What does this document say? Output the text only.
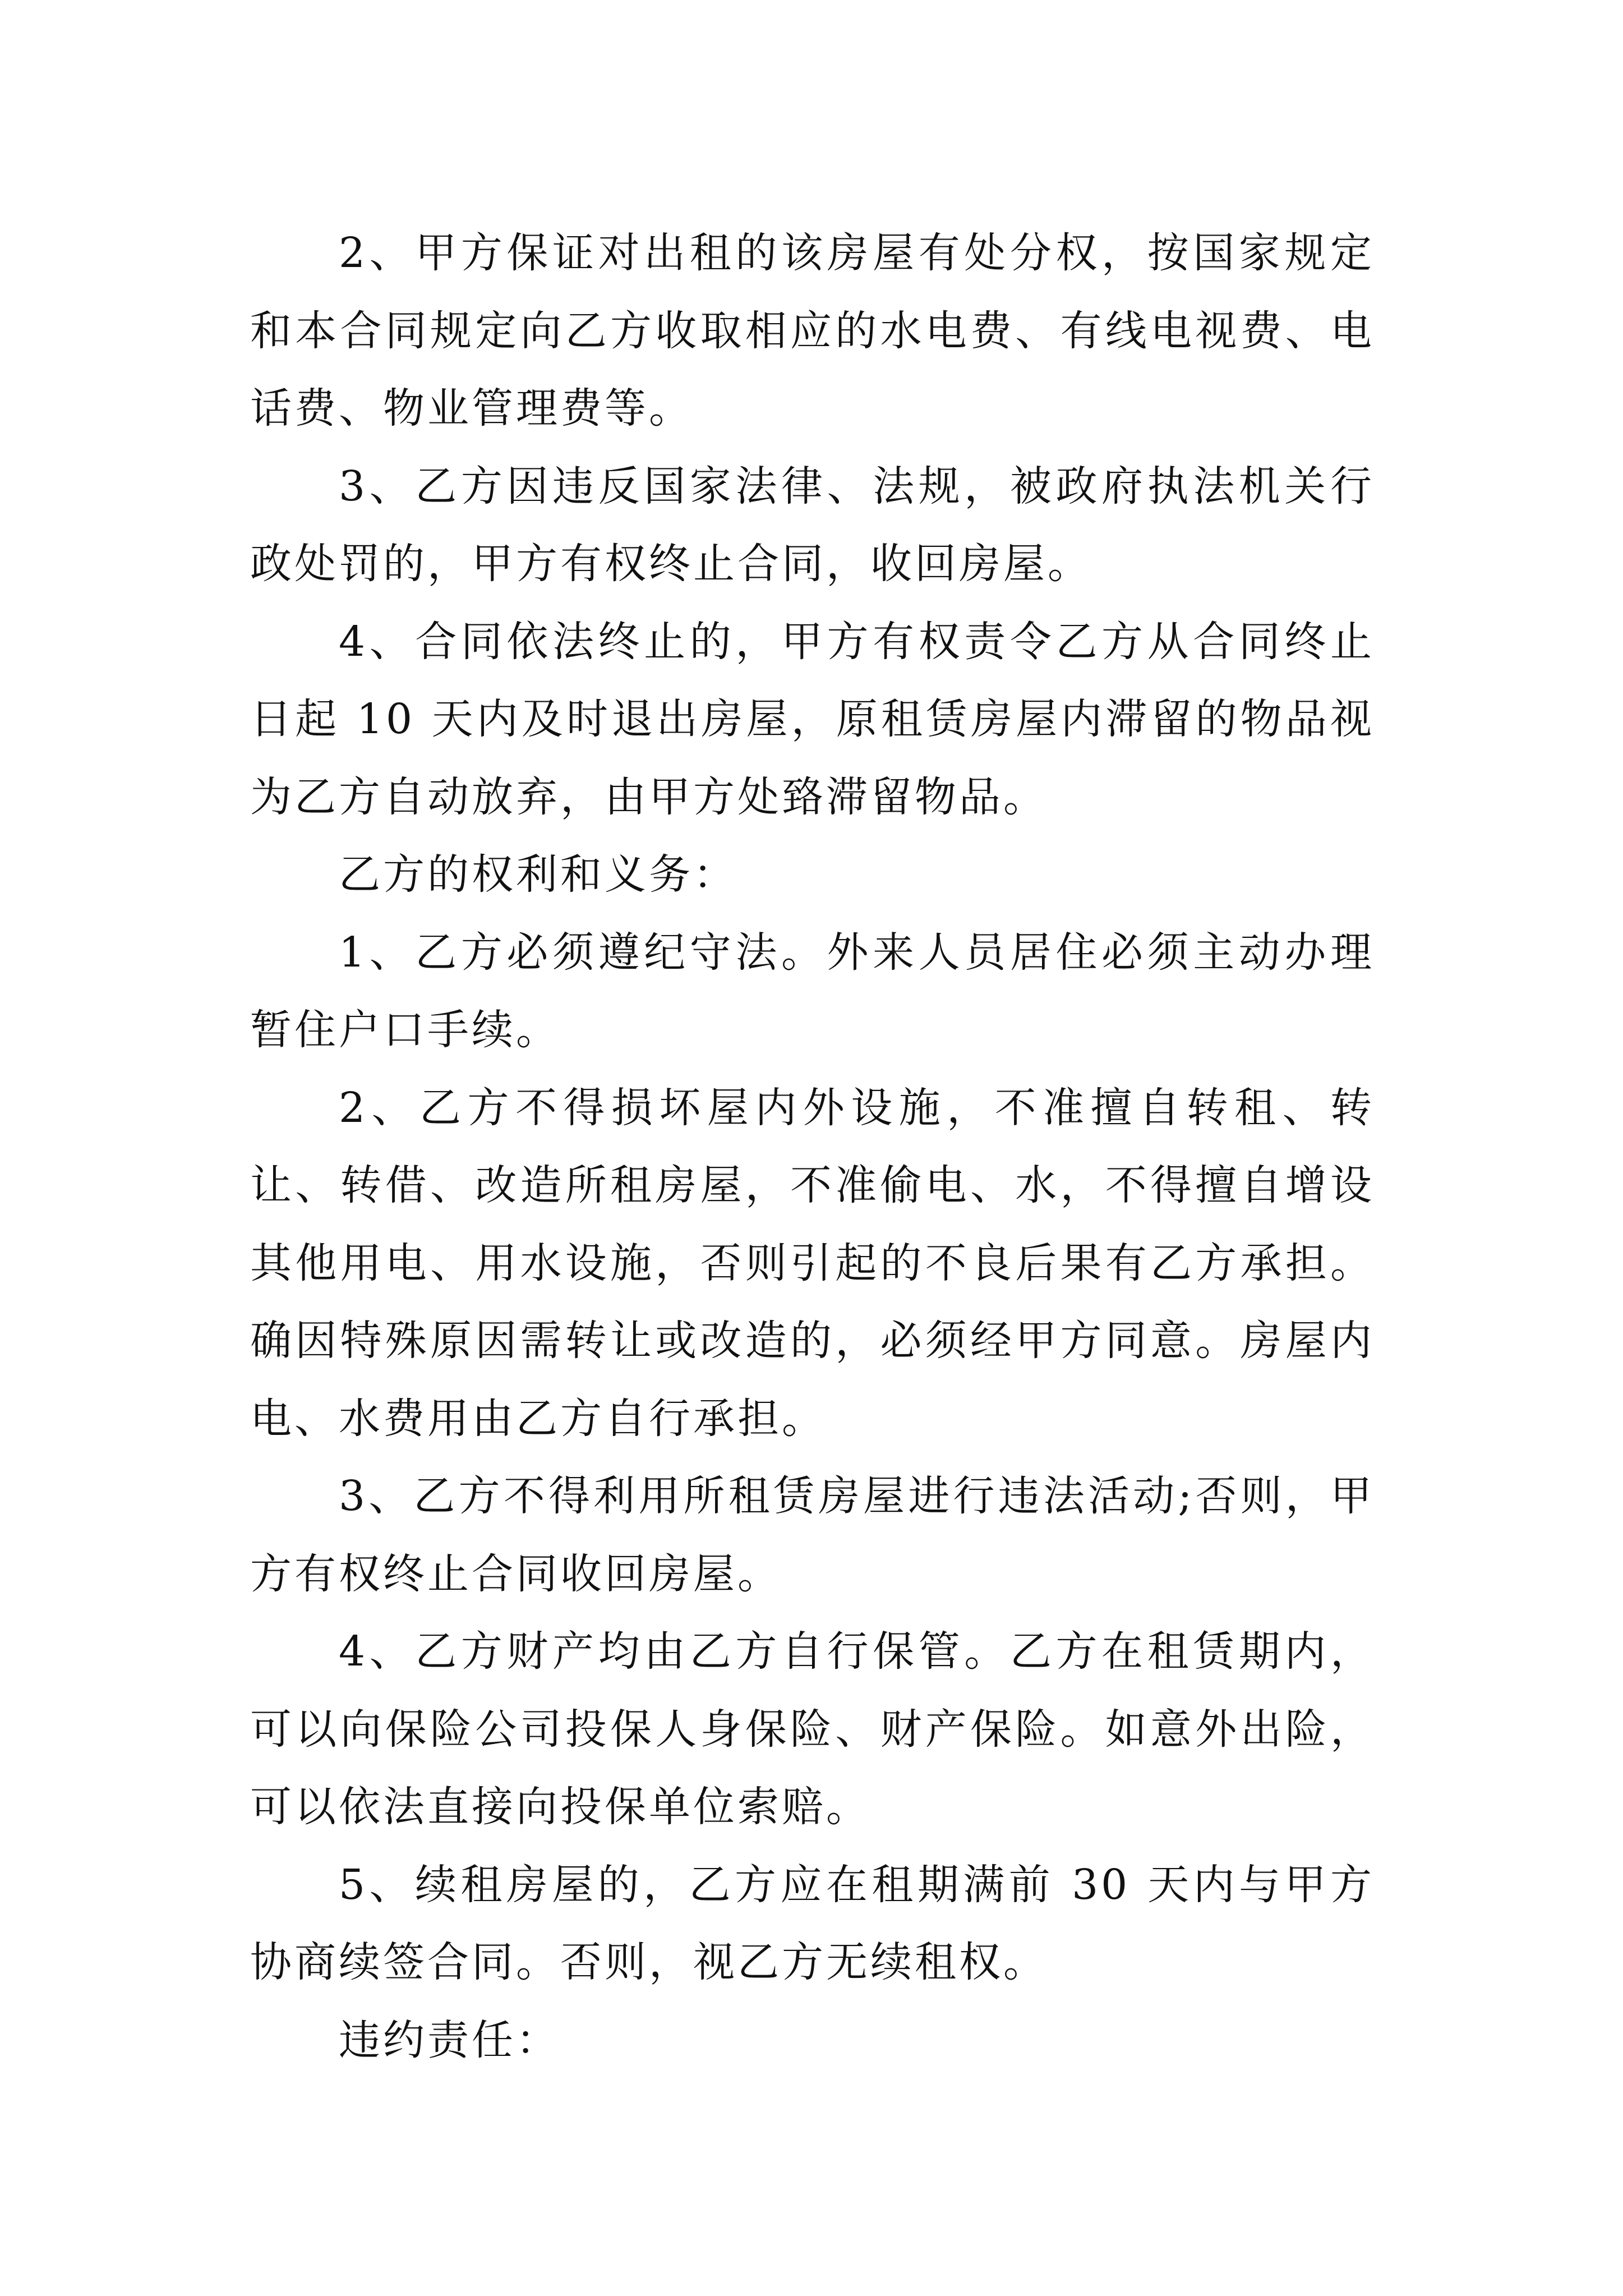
2、甲方保证对出租的该房屋有处分权，按国家规定和本合同规定向乙方收取相应的水电费、有线电视费、电话费、物业管理费等。

3、乙方因违反国家法律、法规，被政府执法机关行政处罚的，甲方有权终止合同，收回房屋。

4、合同依法终止的，甲方有权责令乙方从合同终止日起 10 天内及时退出房屋，原租赁房屋内滞留的物品视为乙方自动放弃，由甲方处臵滞留物品。

乙方的权利和义务：

1、乙方必须遵纪守法。外来人员居住必须主动办理暂住户口手续。

2、乙方不得损坏屋内外设施，不准擅自转租、转让、转借、改造所租房屋，不准偷电、水，不得擅自增设其他用电、用水设施，否则引起的不良后果有乙方承担。确因特殊原因需转让或改造的，必须经甲方同意。房屋内电、水费用由乙方自行承担。

3、乙方不得利用所租赁房屋进行违法活动;否则，甲方有权终止合同收回房屋。

4、乙方财产均由乙方自行保管。乙方在租赁期内，可以向保险公司投保人身保险、财产保险。如意外出险，可以依法直接向投保单位索赔。

5、续租房屋的，乙方应在租期满前 30 天内与甲方协商续签合同。否则，视乙方无续租权。

违约责任：
